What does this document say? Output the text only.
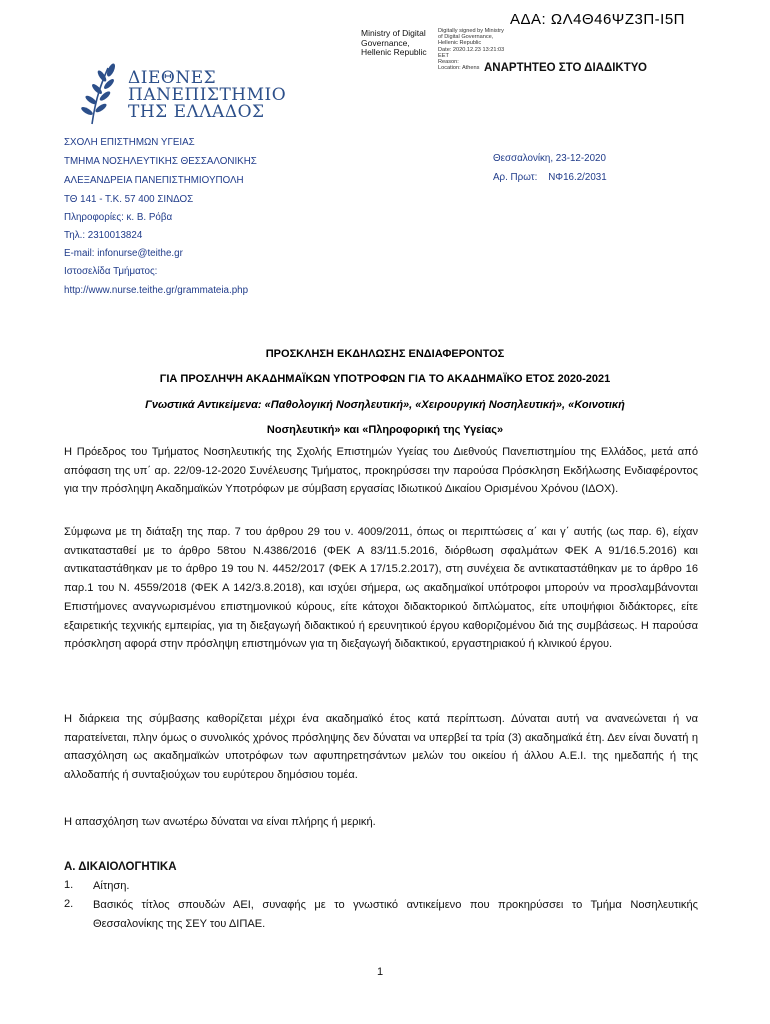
ΑΔΑ: ΩΛ4Θ46ΨΖ3Π-Ι5Π
Ministry of Digital
Governance,
Hellenic Republic
Digitally signed by Ministry
of Digital Governance,
Hellenic Republic
Date: 2020.12.23 13:21:03
EET
Reason:
Location: Athens ΑΝΑΡΤΗΤΕΟ ΣΤΟ ΔΙΑΔΙΚΤΥΟ
ΔΙΕΘΝΕΣ
ΠΑΝΕΠΙΣΤΗΜΙΟ
ΤΗΣ ΕΛΛΑΔΟΣ
ΣΧΟΛΗ ΕΠΙΣΤΗΜΩΝ ΥΓΕΙΑΣ
ΤΜΗΜΑ ΝΟΣΗΛΕΥΤΙΚΗΣ ΘΕΣΣΑΛΟΝΙΚΗΣ
ΑΛΕΞΑΝΔΡΕΙΑ ΠΑΝΕΠΙΣΤΗΜΙΟΥΠΟΛΗ
ΤΘ 141 - Τ.Κ. 57 400 ΣΙΝΔΟΣ
Πληροφορίες: κ. Β. Ρόβα
Τηλ.: 2310013824
E-mail: infonurse@teithe.gr
Ιστοσελίδα Τμήματος:
http://www.nurse.teithe.gr/grammateia.php
Θεσσαλονίκη, 23-12-2020
Αρ. Πρωτ:    ΝΦ16.2/2031
ΠΡΟΣΚΛΗΣΗ ΕΚΔΗΛΩΣΗΣ ΕΝΔΙΑΦΕΡΟΝΤΟΣ
ΓΙΑ ΠΡΟΣΛΗΨΗ ΑΚΑΔΗΜΑΪΚΩΝ ΥΠΟΤΡΟΦΩΝ ΓΙΑ ΤΟ ΑΚΑΔΗΜΑΪΚΟ ΕΤΟΣ 2020-2021
Γνωστικά Αντικείμενα: «Παθολογική Νοσηλευτική», «Χειρουργική Νοσηλευτική», «Κοινοτική
Νοσηλευτική» και «Πληροφορική της Υγείας»
Η Πρόεδρος του Τμήματος Νοσηλευτικής της Σχολής Επιστημών Υγείας του Διεθνούς Πανεπιστημίου της Ελλάδος, μετά από απόφαση της υπ΄ αρ. 22/09-12-2020 Συνέλευσης Τμήματος, προκηρύσσει την παρούσα Πρόσκληση Εκδήλωσης Ενδιαφέροντος για την πρόσληψη Ακαδημαϊκών Υποτρόφων με σύμβαση εργασίας Ιδιωτικού Δικαίου Ορισμένου Χρόνου (ΙΔΟΧ).
Σύμφωνα με τη διάταξη της παρ. 7 του άρθρου 29 του ν. 4009/2011, όπως οι περιπτώσεις α΄ και γ΄ αυτής (ως παρ. 6), είχαν αντικατασταθεί με το άρθρο 58του Ν.4386/2016 (ΦΕΚ Α 83/11.5.2016, διόρθωση σφαλμάτων ΦΕΚ Α 91/16.5.2016) και αντικαταστάθηκαν με το άρθρο 19 του Ν. 4452/2017 (ΦΕΚ Α 17/15.2.2017), στη συνέχεια δε αντικαταστάθηκαν με το άρθρο 16 παρ.1 του Ν. 4559/2018 (ΦΕΚ Α 142/3.8.2018), και ισχύει σήμερα, ως ακαδημαϊκοί υπότροφοι μπορούν να προσλαμβάνονται Επιστήμονες αναγνωρισμένου επιστημονικού κύρους, είτε κάτοχοι διδακτορικού διπλώματος, είτε υποψήφιοι διδάκτορες, είτε εξαιρετικής τεχνικής εμπειρίας, για τη διεξαγωγή διδακτικού ή ερευνητικού έργου καθοριζομένου διά της συμβάσεως. Η παρούσα πρόσκληση αφορά στην πρόσληψη επιστημόνων για τη διεξαγωγή διδακτικού, εργαστηριακού ή κλινικού έργου.
Η διάρκεια της σύμβασης καθορίζεται μέχρι ένα ακαδημαϊκό έτος κατά περίπτωση. Δύναται αυτή να ανανεώνεται ή να παρατείνεται, πλην όμως ο συνολικός χρόνος πρόσληψης δεν δύναται να υπερβεί τα τρία (3) ακαδημαϊκά έτη. Δεν είναι δυνατή η απασχόληση ως ακαδημαϊκών υποτρόφων των αφυπηρετησάντων μελών του οικείου ή άλλου Α.Ε.Ι. της ημεδαπής ή της αλλοδαπής ή συνταξιούχων του ευρύτερου δημόσιου τομέα.
Η απασχόληση των ανωτέρω δύναται να είναι πλήρης ή μερική.
Α. ΔΙΚΑΙΟΛΟΓΗΤΙΚΑ
1. Αίτηση.
2. Βασικός τίτλος σπουδών ΑΕΙ, συναφής με το γνωστικό αντικείμενο που προκηρύσσει το Τμήμα Νοσηλευτικής Θεσσαλονίκης της ΣΕΥ του ΔΙΠΑΕ.
1
